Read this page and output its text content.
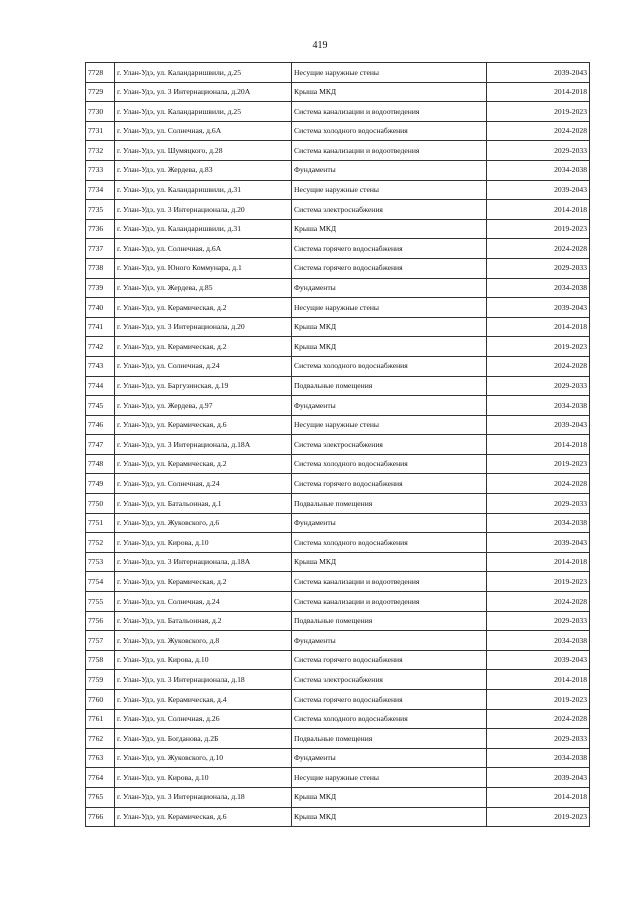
419
7728	г. Улан-Удэ, ул. Каландаришвили, д.25	Несущие наружные стены	2039-2043
7729	г. Улан-Удэ, ул. 3 Интернационала, д.20А	Крыша МКД	2014-2018
7730	г. Улан-Удэ, ул. Каландаришвили, д.25	Система канализации и водоотведения	2019-2023
7731	г. Улан-Удэ, ул. Солнечная, д.6А	Система холодного водоснабжения	2024-2028
7732	г. Улан-Удэ, ул. Шумяцкого, д.28	Система канализации и водоотведения	2029-2033
7733	г. Улан-Удэ, ул. Жердева, д.83	Фундаменты	2034-2038
7734	г. Улан-Удэ, ул. Каландаришвили, д.31	Несущие наружные стены	2039-2043
7735	г. Улан-Удэ, ул. 3 Интернационала, д.20	Система электроснабжения	2014-2018
7736	г. Улан-Удэ, ул. Каландаришвили, д.31	Крыша МКД	2019-2023
7737	г. Улан-Удэ, ул. Солнечная, д.6А	Система горячего водоснабжения	2024-2028
7738	г. Улан-Удэ, ул. Юного Коммунара, д.1	Система горячего водоснабжения	2029-2033
7739	г. Улан-Удэ, ул. Жердева, д.85	Фундаменты	2034-2038
7740	г. Улан-Удэ, ул. Керамическая, д.2	Несущие наружные стены	2039-2043
7741	г. Улан-Удэ, ул. 3 Интернационала, д.20	Крыша МКД	2014-2018
7742	г. Улан-Удэ, ул. Керамическая, д.2	Крыша МКД	2019-2023
7743	г. Улан-Удэ, ул. Солнечная, д.24	Система холодного водоснабжения	2024-2028
7744	г. Улан-Удэ, ул. Баргузинская, д.19	Подвальные помещения	2029-2033
7745	г. Улан-Удэ, ул. Жердева, д.97	Фундаменты	2034-2038
7746	г. Улан-Удэ, ул. Керамическая, д.6	Несущие наружные стены	2039-2043
7747	г. Улан-Удэ, ул. 3 Интернационала, д.18А	Система электроснабжения	2014-2018
7748	г. Улан-Удэ, ул. Керамическая, д.2	Система холодного водоснабжения	2019-2023
7749	г. Улан-Удэ, ул. Солнечная, д.24	Система горячего водоснабжения	2024-2028
7750	г. Улан-Удэ, ул. Батальонная, д.1	Подвальные помещения	2029-2033
7751	г. Улан-Удэ, ул. Жуковского, д.6	Фундаменты	2034-2038
7752	г. Улан-Удэ, ул. Кирова, д.10	Система холодного водоснабжения	2039-2043
7753	г. Улан-Удэ, ул. 3 Интернационала, д.18А	Крыша МКД	2014-2018
7754	г. Улан-Удэ, ул. Керамическая, д.2	Система канализации и водоотведения	2019-2023
7755	г. Улан-Удэ, ул. Солнечная, д.24	Система канализации и водоотведения	2024-2028
7756	г. Улан-Удэ, ул. Батальонная, д.2	Подвальные помещения	2029-2033
7757	г. Улан-Удэ, ул. Жуковского, д.8	Фундаменты	2034-2038
7758	г. Улан-Удэ, ул. Кирова, д.10	Система горячего водоснабжения	2039-2043
7759	г. Улан-Удэ, ул. 3 Интернационала, д.18	Система электроснабжения	2014-2018
7760	г. Улан-Удэ, ул. Керамическая, д.4	Система горячего водоснабжения	2019-2023
7761	г. Улан-Удэ, ул. Солнечная, д.26	Система холодного водоснабжения	2024-2028
7762	г. Улан-Удэ, ул. Богданова, д.2Б	Подвальные помещения	2029-2033
7763	г. Улан-Удэ, ул. Жуковского, д.10	Фундаменты	2034-2038
7764	г. Улан-Удэ, ул. Кирова, д.10	Несущие наружные стены	2039-2043
7765	г. Улан-Удэ, ул. 3 Интернационала, д.18	Крыша МКД	2014-2018
7766	г. Улан-Удэ, ул. Керамическая, д.6	Крыша МКД	2019-2023
